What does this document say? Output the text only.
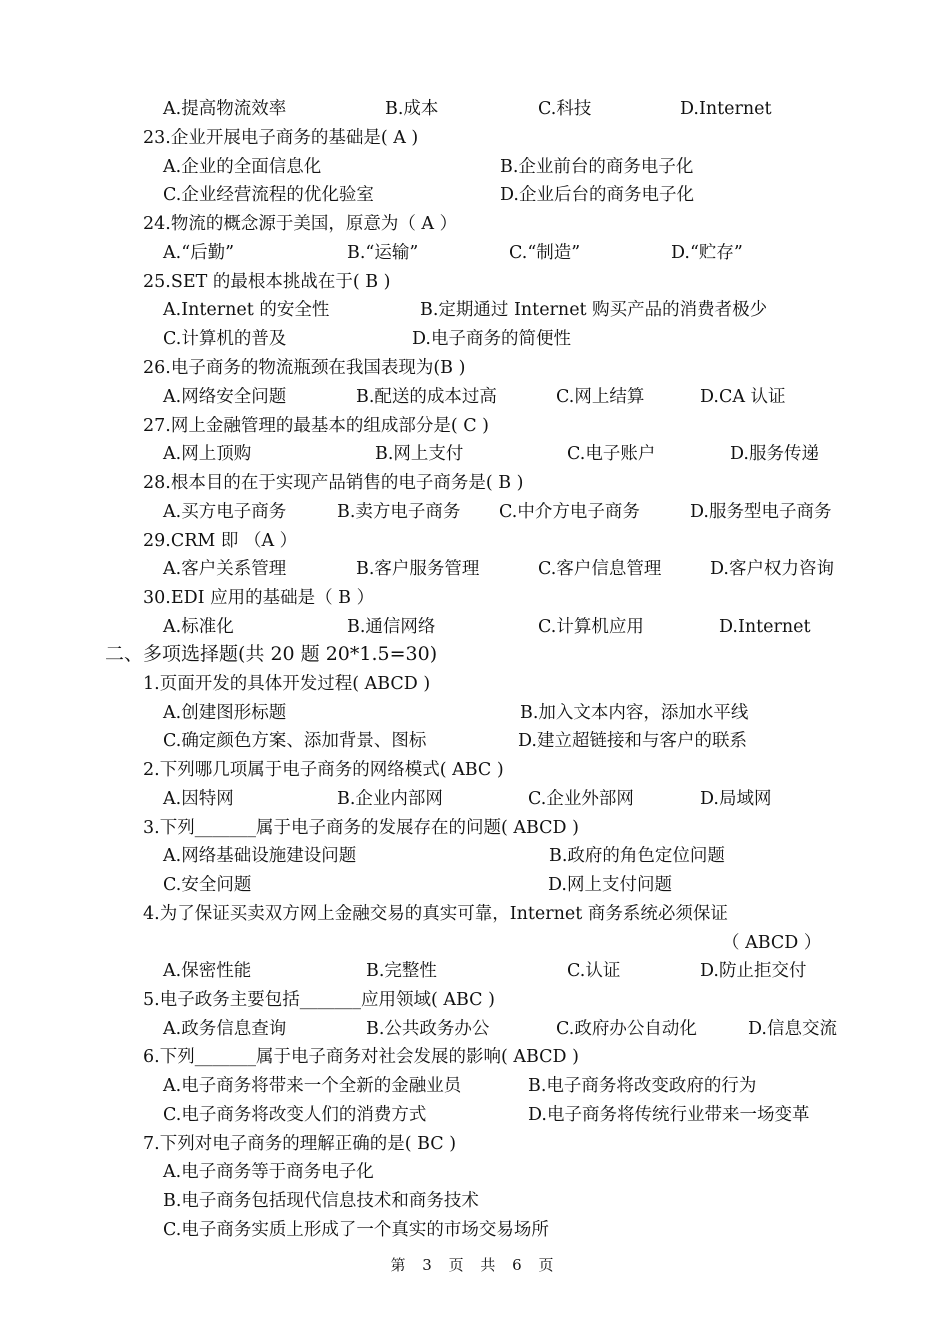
A.提高物流效率	B.成本	C.科技	D.Internet
23.企业开展电子商务的基础是( A )
A.企业的全面信息化	B.企业前台的商务电子化
C.企业经营流程的优化验室	D.企业后台的商务电子化
24.物流的概念源于美国，原意为（ A ）
A.“后勤”	B.“运输”	C.“制造”	D.“贮存”
25.SET 的最根本挑战在于( B )
A.Internet 的安全性	B.定期通过 Internet 购买产品的消费者极少
C.计算机的普及	D.电子商务的简便性
26.电子商务的物流瓶颈在我国表现为(B )
A.网络安全问题	B.配送的成本过高	C.网上结算	D.CA 认证
27.网上金融管理的最基本的组成部分是( C )
A.网上顶购	B.网上支付	C.电子账户	D.服务传递
28.根本目的在于实现产品销售的电子商务是( B )
A.买方电子商务	B.卖方电子商务 C.中介方电子商务	D.服务型电子商务
29.CRM 即 （A ）
A.客户关系管理	B.客户服务管理	C.客户信息管理	D.客户权力咨询
30.EDI 应用的基础是（ B ）
A.标准化	B.通信网络	C.计算机应用	D.Internet
二、多项选择题(共 20 题 20*1.5=30)
1.页面开发的具体开发过程( ABCD )
A.创建图形标题	B.加入文本内容，添加水平线
C.确定颜色方案、添加背景、图标	D.建立超链接和与客户的联系
2.下列哪几项属于电子商务的网络模式( ABC )
A.因特网	B.企业内部网	C.企业外部网	D.局域网
3.下列_______属于电子商务的发展存在的问题( ABCD )
A.网络基础设施建设问题	B.政府的角色定位问题
C.安全问题	D.网上支付问题
4.为了保证买卖双方网上金融交易的真实可靠，Internet 商务系统必须保证
（ ABCD ）
A.保密性能	B.完整性	C.认证	D.防止拒交付
5.电子政务主要包括_______应用领域( ABC )
A.政务信息查询	B.公共政务办公	C.政府办公自动化	D.信息交流
6.下列_______属于电子商务对社会发展的影响( ABCD )
A.电子商务将带来一个全新的金融业员	B.电子商务将改变政府的行为
C.电子商务将改变人们的消费方式	D.电子商务将传统行业带来一场变革
7.下列对电子商务的理解正确的是( BC )
A.电子商务等于商务电子化
B.电子商务包括现代信息技术和商务技术
C.电子商务实质上形成了一个真实的市场交易场所
第 3 页 共 6 页
